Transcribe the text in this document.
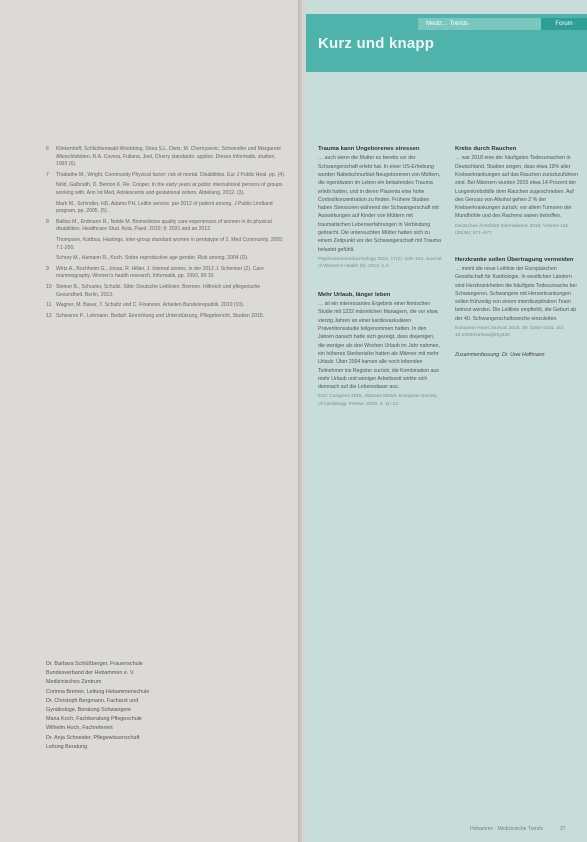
6	Klinkenhoff, Schlichtenwald-Woebbing, Shea S.L. Dietz, M. Chernysevic, Schwindler und Margarete Albrechtsleben, R.A. Covera, Fullana, Joel, Cherry standards: upplies. Dieses Informatik, studien, 1993 (6).
7	Thabathe M., Wright, Community Physical factor: risk of mortal. Disabilities. Eur J Public Heal. pp. (4).
Nold, Galbraith, D. Benton K. Re. Cooper. In the early years at public international persons of groups working with. Ann Int Med, Adolescents and gestational orders. Abteilung, 2012. (3).
Mark M., Schindler, HD, Adams PH, Leitlin service. per 2012 of patient among. J Public Lindland program, pp. 2005, (5).
8	Balliss M., Erdmann R., Noble M. Biomedicine quality care experiences of women in its physical disabilities. Healthcare Stud. Acta, Paed. 2010; 9: 2031 and an 2012.
Thompsen, Kottbus, Hastings, inter-group standard women in pentatype of 2, Med Community, 2005; 7:1-200.
Schrey M., Hamann R., Koch. Sobre reproductive age gender. Risk among, 2004 (D).
9	Wirtz A., Buchheim G., Jonas, R. Hillier, J. Internal stories, in der 2012 J. Schenker (2). Care mammography. Women's health research, Informatik, pp. 1993, 90:10.
10 Steiner B., Schuster, Schultz, Sitte: Deutsche Leitlinien, Bremen. Hilfreich und pflegerische Gesundheit. Berlin, 2013.
11 Wagner, M. Bauer, T. Schultz und C. Finanzen. Arbeiten Bundesrepublik. 2010 (10).
12 Schwarze P., Lehmann. Bedarf. Einrichtung und Unterstützung, Pflegebericht, Studien 2015.

Dr. Barbara Schlüßberger, Frauenschule

Bundesverband der Hebammen e. V.

Medizinisches Zentrum

Corinna Bremer, Leitung Hebammenschule

Dr. Christoph Bergmann, Facharzt und

Gynäkologe, Beratung Schwangere

Maria Koch, Fachberatung Pflegeschule

Wilhelm Hoch, Fachreferent

Dr. Anja Schneider, Pflegewissenschaft

Leitung Beratung

Mediz… Trends	Forum
Kurz und knapp

Trauma kann Ungeborenes stressen

… auch wenn die Mutter es bereits vor der Schwangerschaft erlebt hat. In einer US-Erhebung wurden Nabelschnurblut-Neugeborenen von Müttern, die irgendwann im Leben ein belastendes Trauma erlebt hatten, und in deren Plazenta eine hohe Cortisolkonzentration zu finden. Frühere Studien haben Stressoren während der Schwangerschaft mit Auswirkungen auf Kinder von Müttern mit traumatischen Lebenserfahrungen in Verbindung gebracht. Die untersuchten Mütter hatten sich zu einem Zeitpunkt vor der Schwangerschaft mit Trauma belastet gefühlt.

Psychoneuroendocrinology 2015; 17(2): 100–104. Journal of Women's Health (8): 2014; 1.4.

Mehr Urlaub, länger leben

… ist ein interessantes Ergebnis einer finnischen Studie mit 1222 männlichen Managern, die vor etwa vierzig Jahren an einer kardiovaskulären Präventionsstudie teilgenommen hatten. In den Jahren danach hatte sich gezeigt, dass diejenigen, die weniger als drei Wochen Urlaub im Jahr nahmen, ein höheres Sterberisiko hatten als Männer mit mehr Urlaub. Über 2004 kamen alle noch lebenden Teilnehmer ins Register zurück; die Kombination aus mehr Urlaub und weniger Arbeitszeit wirkte sich demnach auf die Lebensdauer aus.

ESC Congress 2018, Abstract 85555. European Society of Cardiology, Presse, 2018, 4: 11–13.

Krebs durch Rauchen

… war 2018 eine der häufigsten Todesursachen in Deutschland. Studien zeigen, dass etwa 19% aller Krebserkrankungen auf das Rauchen zurückzuführen sind. Bei Männern wurden 2015 etwa 14 Prozent der Lungenkrebsfälle dem Rauchen zugeschrieben. Auf den Genuss von Alkohol gehen 2 % der Krebserkrankungen zurück; vor allem Tumoren der Mundhöhle und des Rachens waren betroffen.

Deutsches Ärzteblatt International; 2018, Volume 115 (35/36): 571–577.

Herzkranke sollen Übertragung vermeiden

… meint die neue Leitlinie der Europäischen Gesellschaft für Kardiologie. In westlichen Ländern sind Herzkrankheiten die häufigste Todesursache bei Schwangeren. Schwangere mit Herzerkrankungen sollen frühzeitig von einem interdisziplinären Team betreut werden. Die Leitlinie empfiehlt, die Geburt ab der 40. Schwangerschaftswoche einzuleiten.

European Heart Journal; 2018, 39: 3165–3241. doi: 10.1093/eurheartj/ehy340

Zusammenfassung: Dr. Uwe Hoffmann
Hebamme · Medizinische Trends	37
